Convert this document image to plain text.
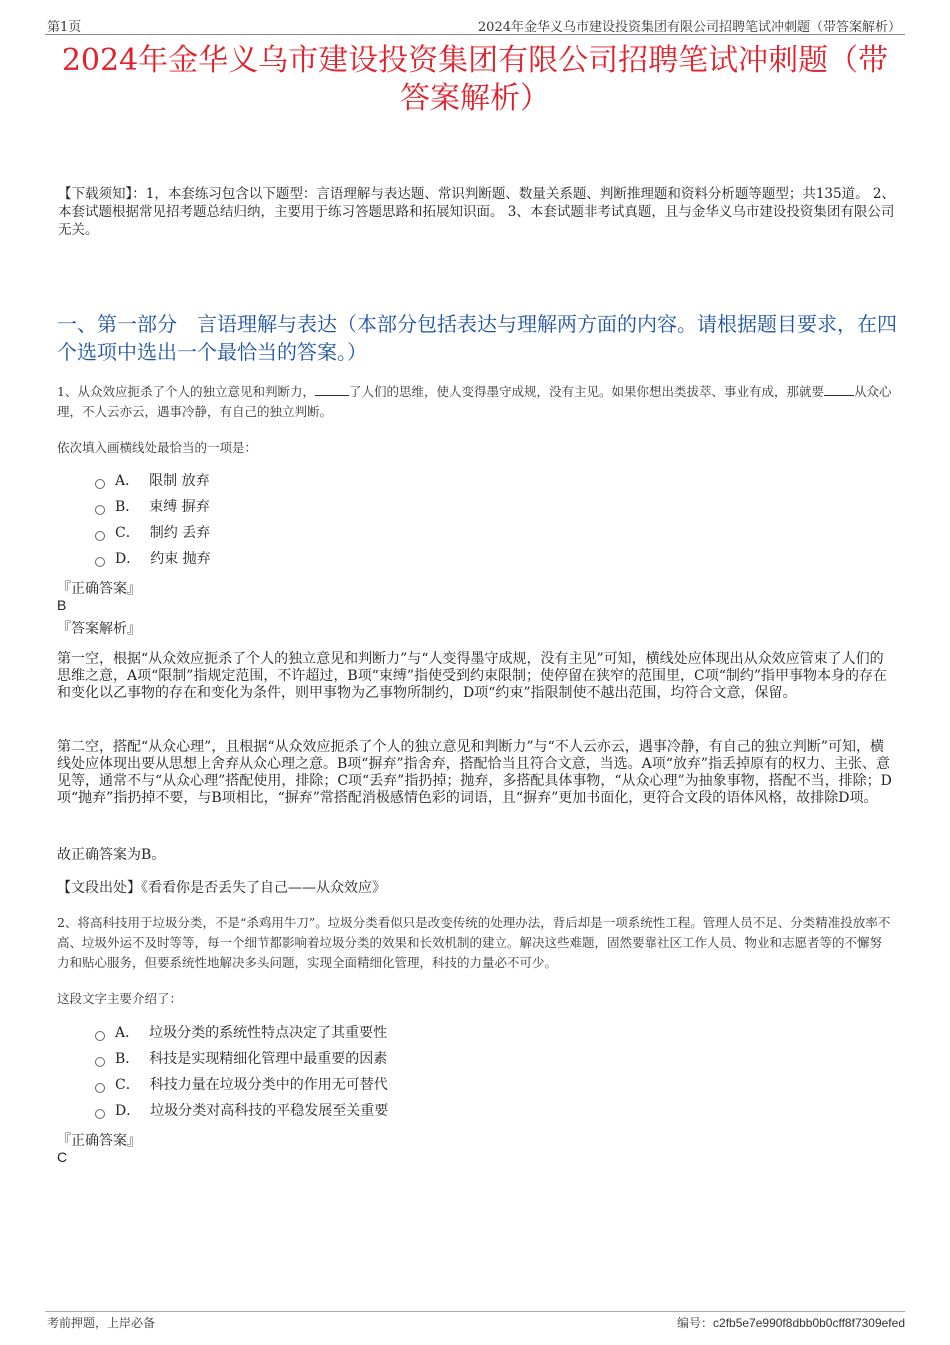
第1页	2024年金华义乌市建设投资集团有限公司招聘笔试冲刺题（带答案解析）
2024年金华义乌市建设投资集团有限公司招聘笔试冲刺题（带
答案解析）
【下载须知】：1，本套练习包含以下题型：言语理解与表达题、常识判断题、数量关系题、判断推理题和资料分析题等题型；共135道。 2、本套试题根据常见招考题总结归纳，主要用于练习答题思路和拓展知识面。 3、本套试题非考试真题，且与金华义乌市建设投资集团有限公司无关。
一、第一部分　言语理解与表达（本部分包括表达与理解两方面的内容。请根据题目要求，在四个选项中选出一个最恰当的答案。）
1、从众效应扼杀了个人的独立意见和判断力，	了人们的思维，使人变得墨守成规，没有主见。如果你想出类拔萃、事业有成，那就要 从众心理，不人云亦云，遇事冷静，有自己的独立判断。
依次填入画横线处最恰当的一项是：
A． 限制 放弃
B． 束缚 摒弃
C． 制约 丢弃
D． 约束 抛弃
『正确答案』
B
『答案解析』
第一空，根据“从众效应扼杀了个人的独立意见和判断力”与“人变得墨守成规，没有主见”可知，横线处应体现出从众效应管束了人们的思维之意，A项“限制”指规定范围，不许超过，B项“束缚”指使受到约束限制；使停留在狭窄的范围里，C项“制约”指甲事物本身的存在和变化以乙事物的存在和变化为条件，则甲事物为乙事物所制约，D项“约束”指限制使不越出范围，均符合文意，保留。
第二空，搭配“从众心理”，且根据“从众效应扼杀了个人的独立意见和判断力”与“不人云亦云，遇事冷静，有自己的独立判断”可知，横线处应体现出要从思想上舍弃从众心理之意。B项“摒弃”指舍弃，搭配恰当且符合文意，当选。A项“放弃”指丢掉原有的权力、主张、意见等，通常不与“从众心理”搭配使用，排除；C项“丢弃”指扔掉；抛弃，多搭配具体事物，“从众心理”为抽象事物，搭配不当，排除；D项“抛弃”指扔掉不要，与B项相比，“摒弃”常搭配消极感情色彩的词语，且“摒弃”更加书面化，更符合文段的语体风格，故排除D项。
故正确答案为B。
【文段出处】《看看你是否丢失了自己——从众效应》
2、将高科技用于垃圾分类，不是“杀鸡用牛刀”。垃圾分类看似只是改变传统的处理办法，背后却是一项系统性工程。管理人员不足、分类精准投放率不高、垃圾外运不及时等等，每一个细节都影响着垃圾分类的效果和长效机制的建立。解决这些难题，固然要靠社区工作人员、物业和志愿者等的不懈努力和贴心服务，但要系统性地解决多头问题，实现全面精细化管理，科技的力量必不可少。
这段文字主要介绍了：
A． 垃圾分类的系统性特点决定了其重要性
B． 科技是实现精细化管理中最重要的因素
C． 科技力量在垃圾分类中的作用无可替代
D． 垃圾分类对高科技的平稳发展至关重要
『正确答案』
C
考前押题，上岸必备	编号：c2fb5e7e990f8dbb0b0cff8f7309efed
